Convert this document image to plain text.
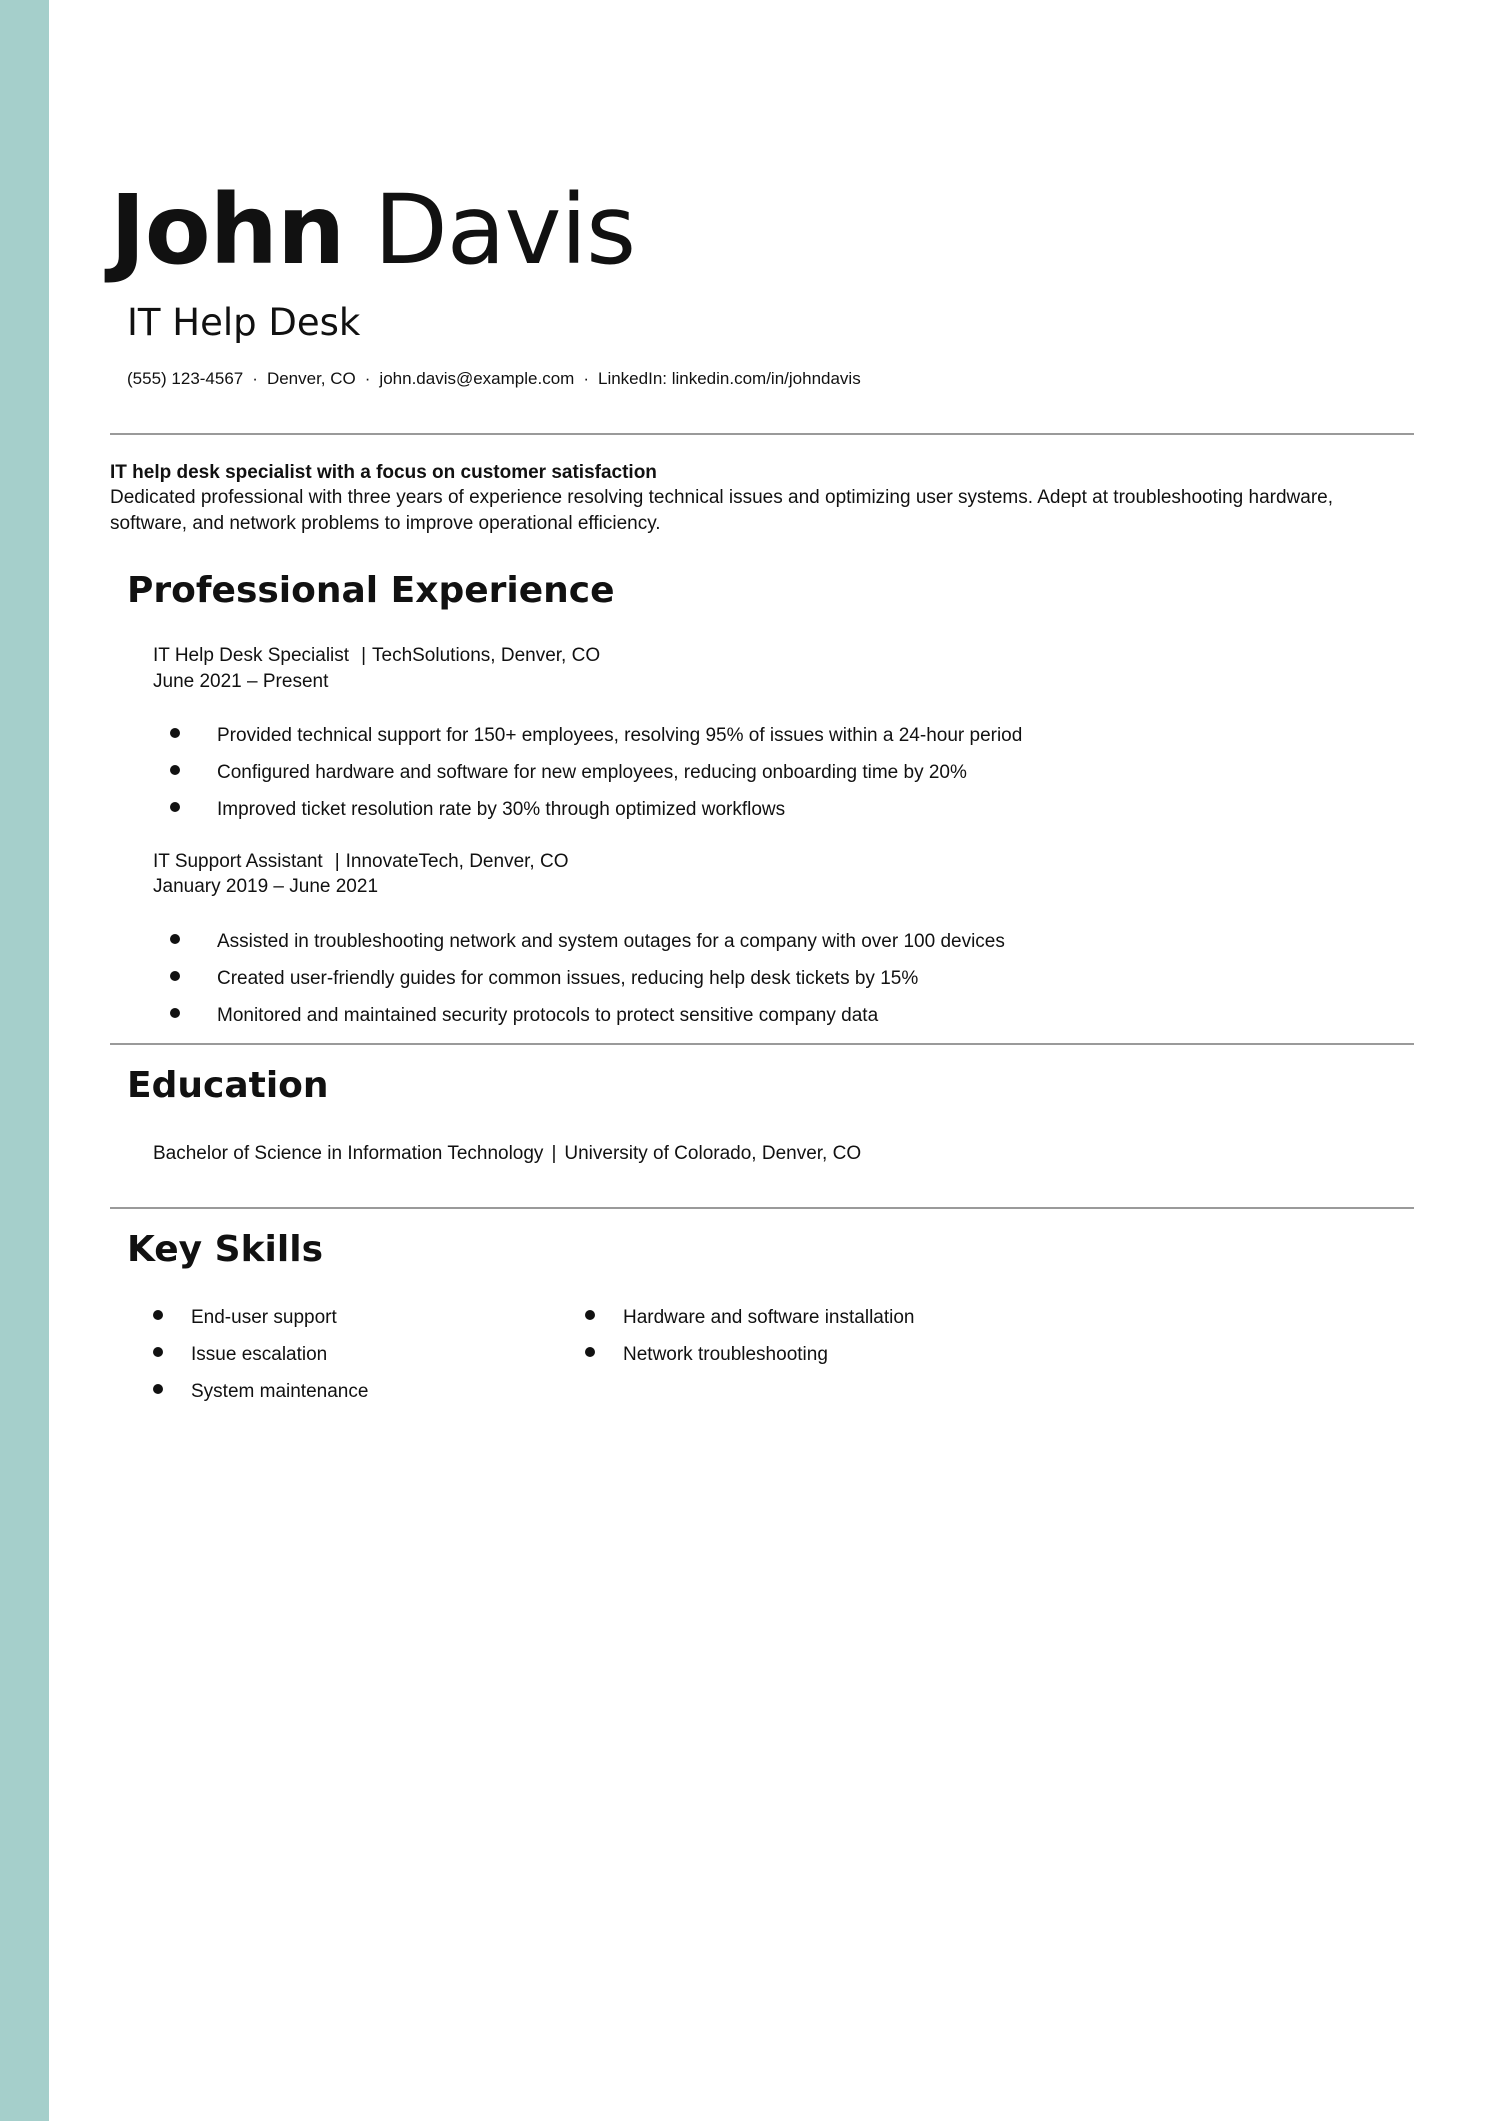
John Davis
IT Help Desk
(555) 123-4567 · Denver, CO · john.davis@example.com · LinkedIn: linkedin.com/in/johndavis
IT help desk specialist with a focus on customer satisfaction
Dedicated professional with three years of experience resolving technical issues and optimizing user systems. Adept at troubleshooting hardware, software, and network problems to improve operational efficiency.
Professional Experience
IT Help Desk Specialist | TechSolutions, Denver, CO
June 2021 – Present
Provided technical support for 150+ employees, resolving 95% of issues within a 24-hour period
Configured hardware and software for new employees, reducing onboarding time by 20%
Improved ticket resolution rate by 30% through optimized workflows
IT Support Assistant | InnovateTech, Denver, CO
January 2019 – June 2021
Assisted in troubleshooting network and system outages for a company with over 100 devices
Created user-friendly guides for common issues, reducing help desk tickets by 15%
Monitored and maintained security protocols to protect sensitive company data
Education
Bachelor of Science in Information Technology | University of Colorado, Denver, CO
Key Skills
End-user support
Issue escalation
System maintenance
Hardware and software installation
Network troubleshooting
